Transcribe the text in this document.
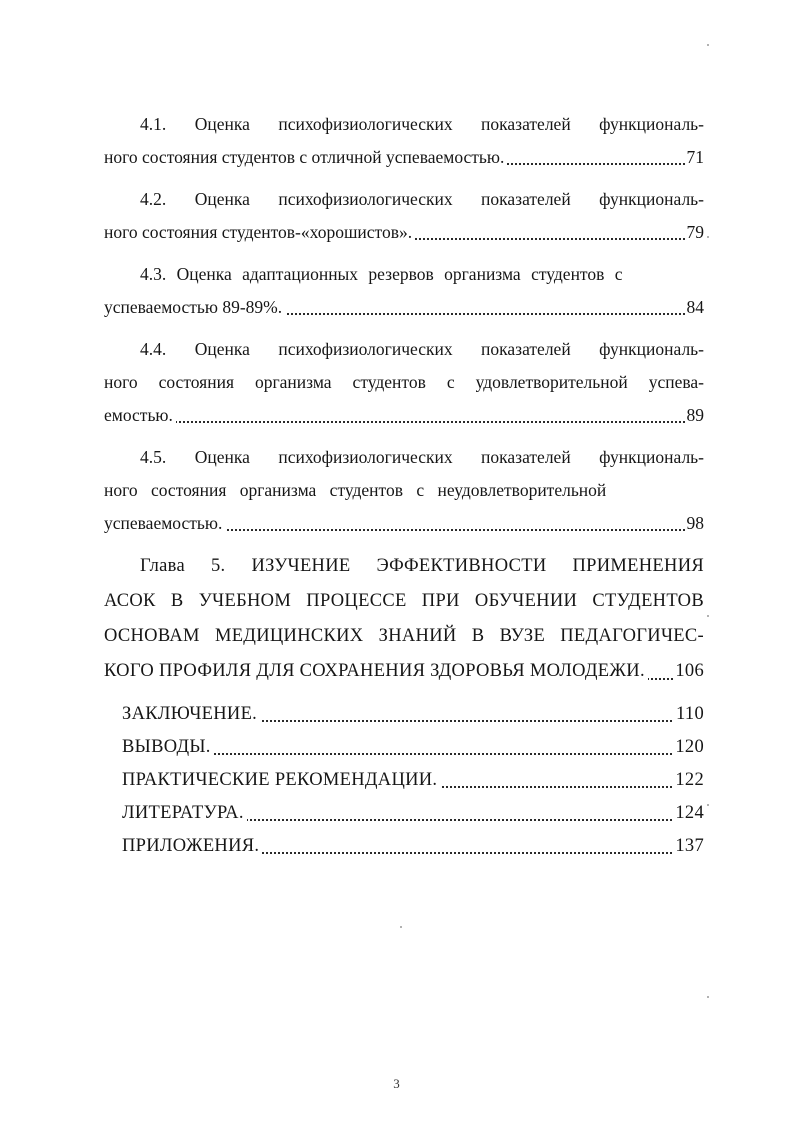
4.1. Оценка психофизиологических показателей функциональ-
ного состояния студентов с отличной успеваемостью.	71
4.2. Оценка психофизиологических показателей функциональ-
ного состояния студентов-«хорошистов».	79
4.3. Оценка адаптационных резервов организма студентов с
успеваемостью 89-89%.	84
4.4. Оценка психофизиологических показателей функциональ-
ного состояния организма студентов с удовлетворительной успева-
емостью.	89
4.5. Оценка психофизиологических показателей функциональ-
ного состояния организма студентов с неудовлетворительной
успеваемостью.	98
Глава 5. ИЗУЧЕНИЕ ЭФФЕКТИВНОСТИ ПРИМЕНЕНИЯ
АСОК В УЧЕБНОМ ПРОЦЕССЕ ПРИ ОБУЧЕНИИ СТУДЕНТОВ
ОСНОВАМ МЕДИЦИНСКИХ ЗНАНИЙ В ВУЗЕ ПЕДАГОГИЧЕС-
КОГО ПРОФИЛЯ ДЛЯ СОХРАНЕНИЯ ЗДОРОВЬЯ МОЛОДЕЖИ. 106
ЗАКЛЮЧЕНИЕ.	110
ВЫВОДЫ.	120
ПРАКТИЧЕСКИЕ РЕКОМЕНДАЦИИ.	122
ЛИТЕРАТУРА.	124
ПРИЛОЖЕНИЯ.	137
3
